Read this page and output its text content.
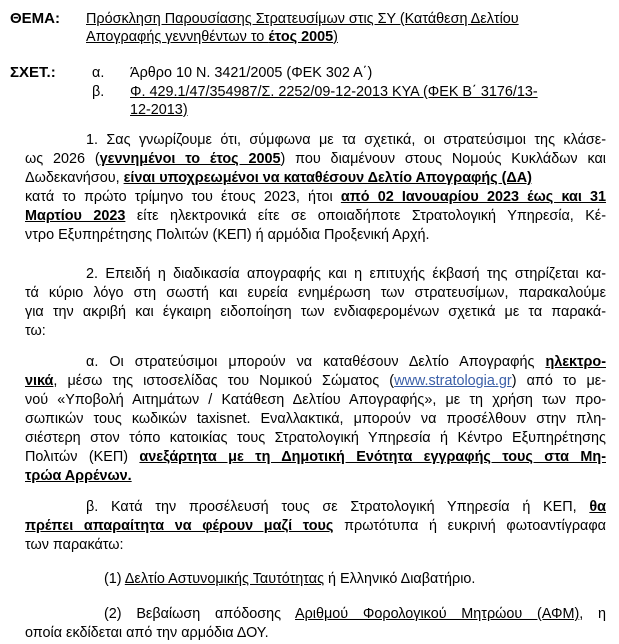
ΘΕΜΑ: Πρόσκληση Παρουσίασης Στρατευσίμων στις ΣΥ (Κατάθεση Δελτίου
Απογραφής γεννηθέντων το έτος 2005)
ΣΧΕΤ.:	α. Άρθρο 10 Ν. 3421/2005 (ΦΕΚ 302 Α΄)
β. Φ. 429.1/47/354987/Σ. 2252/09-12-2013 ΚΥΑ (ΦΕΚ Β΄ 3176/13-
12-2013)
1. Σας γνωρίζουμε ότι, σύμφωνα με τα σχετικά, οι στρατεύσιμοι της κλάσε-
ως 2026 (γεννημένοι το έτος 2005) που διαμένουν στους Νομούς Κυκλάδων και
Δωδεκανήσου, είναι υποχρεωμένοι να καταθέσουν Δελτίο Απογραφής (ΔΑ)
κατά το πρώτο τρίμηνο του έτους 2023, ήτοι από 02 Ιανουαρίου 2023 έως και 31
Μαρτίου 2023 είτε ηλεκτρονικά είτε σε οποιαδήποτε Στρατολογική Υπηρεσία, Κέ-
ντρο Εξυπηρέτησης Πολιτών (ΚΕΠ) ή αρμόδια Προξενική Αρχή.
2. Επειδή η διαδικασία απογραφής και η επιτυχής έκβασή της στηρίζεται κα-
τά κύριο λόγο στη σωστή και ευρεία ενημέρωση των στρατευσίμων, παρακαλούμε
για την ακριβή και έγκαιρη ειδοποίηση των ενδιαφερομένων σχετικά με τα παρακά-
τω:
α. Οι στρατεύσιμοι μπορούν να καταθέσουν Δελτίο Απογραφής ηλεκτρο-
νικά, μέσω της ιστοσελίδας του Νομικού Σώματος (www.stratologia.gr) από το με-
νού «Υποβολή Αιτημάτων / Κατάθεση Δελτίου Απογραφής», με τη χρήση των προ-
σωπικών τους κωδικών taxisnet. Εναλλακτικά, μπορούν να προσέλθουν στην πλη-
σιέστερη στον τόπο κατοικίας τους Στρατολογική Υπηρεσία ή Κέντρο Εξυπηρέτησης
Πολιτών (ΚΕΠ) ανεξάρτητα με τη Δημοτική Ενότητα εγγραφής τους στα Μη-
τρώα Αρρένων.
β. Κατά την προσέλευσή τους σε Στρατολογική Υπηρεσία ή ΚΕΠ, θα
πρέπει απαραίτητα να φέρουν μαζί τους πρωτότυπα ή ευκρινή φωτοαντίγραφα
των παρακάτω:
(1) Δελτίο Αστυνομικής Ταυτότητας ή Ελληνικό Διαβατήριο.
(2) Βεβαίωση απόδοσης Αριθμού Φορολογικού Μητρώου (ΑΦΜ), η
οποία εκδίδεται από την αρμόδια ΔΟΥ.
